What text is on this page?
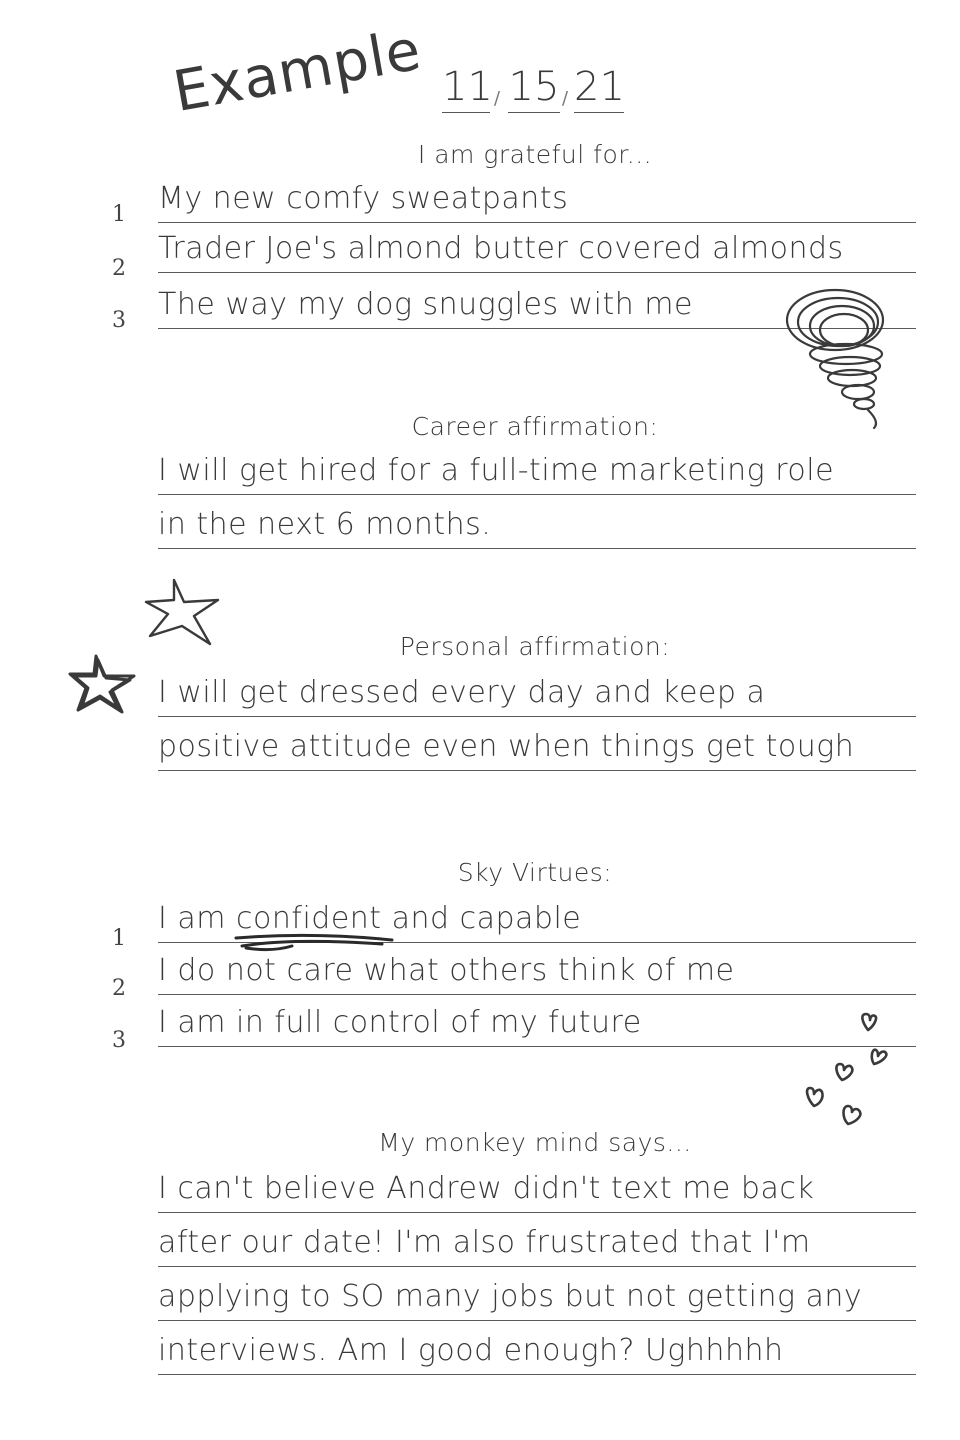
Example 11 / 15 / 21
I am grateful for...
1 My new comfy sweatpants
2
Trader Joe's almond butter covered almonds
3 The way my dog snuggles with me
Career affirmation:
I will get hired for a full-time marketing role
in the next 6 months.
Personal affirmation:
I will get dressed every day and keep a
positive attitude even when things get tough
Sky Virtues:
1
I am confident
and capable
2
I do not care what others think of me
3
I am in full control of my future
My monkey mind says...
I can't believe Andrew didn't text me back
after our date! I'm also frustrated that I'm
applying to SO many jobs but not getting any
interviews. Am I good enough? Ughhhhh
